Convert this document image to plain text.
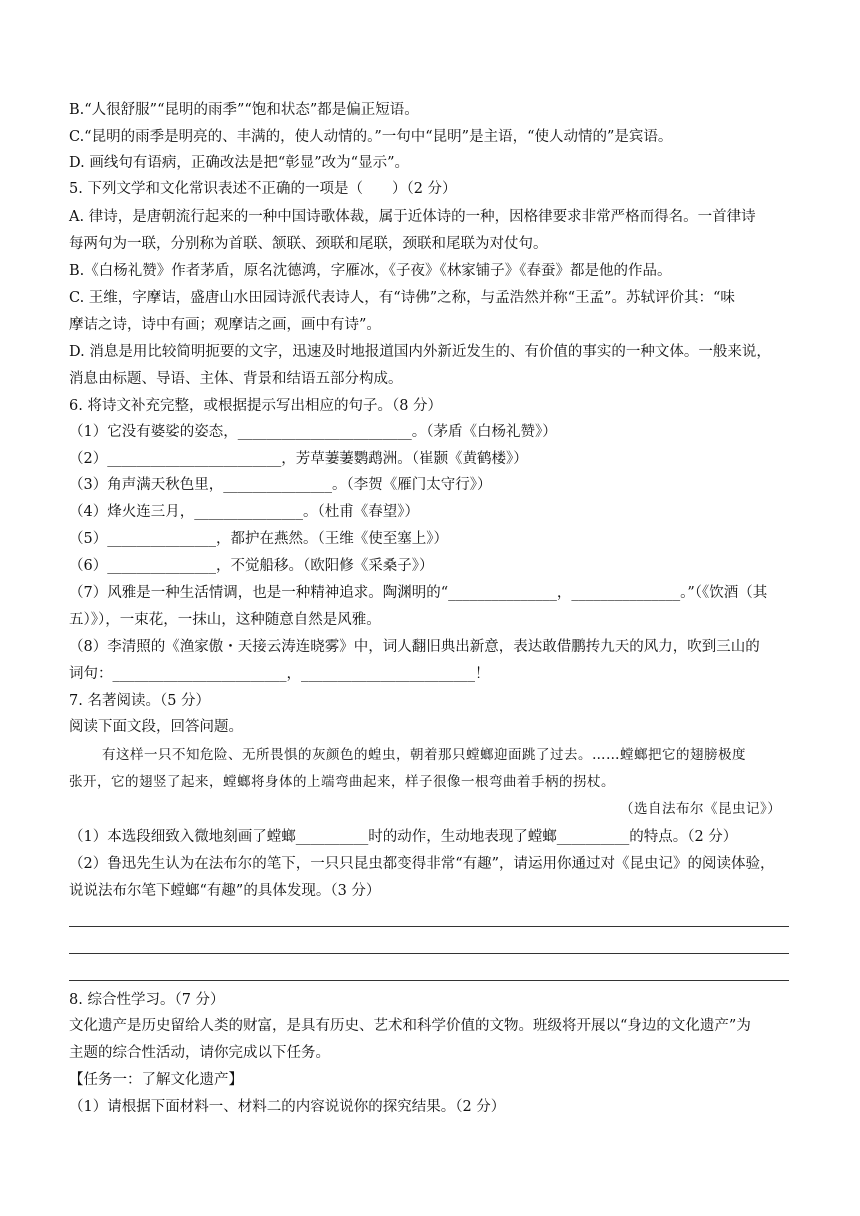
B.“人很舒服”“昆明的雨季”“饱和状态”都是偏正短语。
C.“昆明的雨季是明亮的、丰满的，使人动情的。”一句中“昆明”是主语，“使人动情的”是宾语。
D. 画线句有语病，正确改法是把“彰显”改为“显示”。
5. 下列文学和文化常识表述不正确的一项是（　　）（2 分）
A. 律诗，是唐朝流行起来的一种中国诗歌体裁，属于近体诗的一种，因格律要求非常严格而得名。一首律诗
每两句为一联，分别称为首联、颔联、颈联和尾联，颈联和尾联为对仗句。
B.《白杨礼赞》作者茅盾，原名沈德鸿，字雁冰，《子夜》《林家铺子》《春蚕》都是他的作品。
C. 王维，字摩诘，盛唐山水田园诗派代表诗人，有“诗佛”之称，与孟浩然并称“王孟”。苏轼评价其：“味
摩诘之诗，诗中有画；观摩诘之画，画中有诗”。
D. 消息是用比较简明扼要的文字，迅速及时地报道国内外新近发生的、有价值的事实的一种文体。一般来说，
消息由标题、导语、主体、背景和结语五部分构成。
6. 将诗文补充完整，或根据提示写出相应的句子。（8 分）
（1）它没有婆娑的姿态，________________________。（茅盾《白杨礼赞》）
（2）________________________，芳草萋萋鹦鹉洲。（崔颢《黄鹤楼》）
（3）角声满天秋色里，_______________。（李贺《雁门太守行》）
（4）烽火连三月，_______________。（杜甫《春望》）
（5）_______________，都护在燕然。（王维《使至塞上》）
（6）_______________，不觉船移。（欧阳修《采桑子》）
（7）风雅是一种生活情调，也是一种精神追求。陶渊明的“_______________，_______________。”（《饮酒（其
五）》），一束花，一抹山，这种随意自然是风雅。
（8）李清照的《渔家傲・天接云涛连晓雾》中，词人翻旧典出新意，表达敢借鹏抟九天的风力，吹到三山的
词句：________________________，________________________！
7. 名著阅读。（5 分）
阅读下面文段，回答问题。
有这样一只不知危险、无所畏惧的灰颜色的蝗虫，朝着那只螳螂迎面跳了过去。……螳螂把它的翅膀极度
张开，它的翅竖了起来，螳螂将身体的上端弯曲起来，样子很像一根弯曲着手柄的拐杖。
（选自法布尔《昆虫记》）
（1）本选段细致入微地刻画了螳螂__________时的动作，生动地表现了螳螂__________的特点。（2 分）
（2）鲁迅先生认为在法布尔的笔下，一只只昆虫都变得非常“有趣”，请运用你通过对《昆虫记》的阅读体验，
说说法布尔笔下螳螂“有趣”的具体发现。（3 分）
8. 综合性学习。（7 分）
文化遗产是历史留给人类的财富，是具有历史、艺术和科学价值的文物。班级将开展以“身边的文化遗产”为
主题的综合性活动，请你完成以下任务。
【任务一：了解文化遗产】
（1）请根据下面材料一、材料二的内容说说你的探究结果。（2 分）
